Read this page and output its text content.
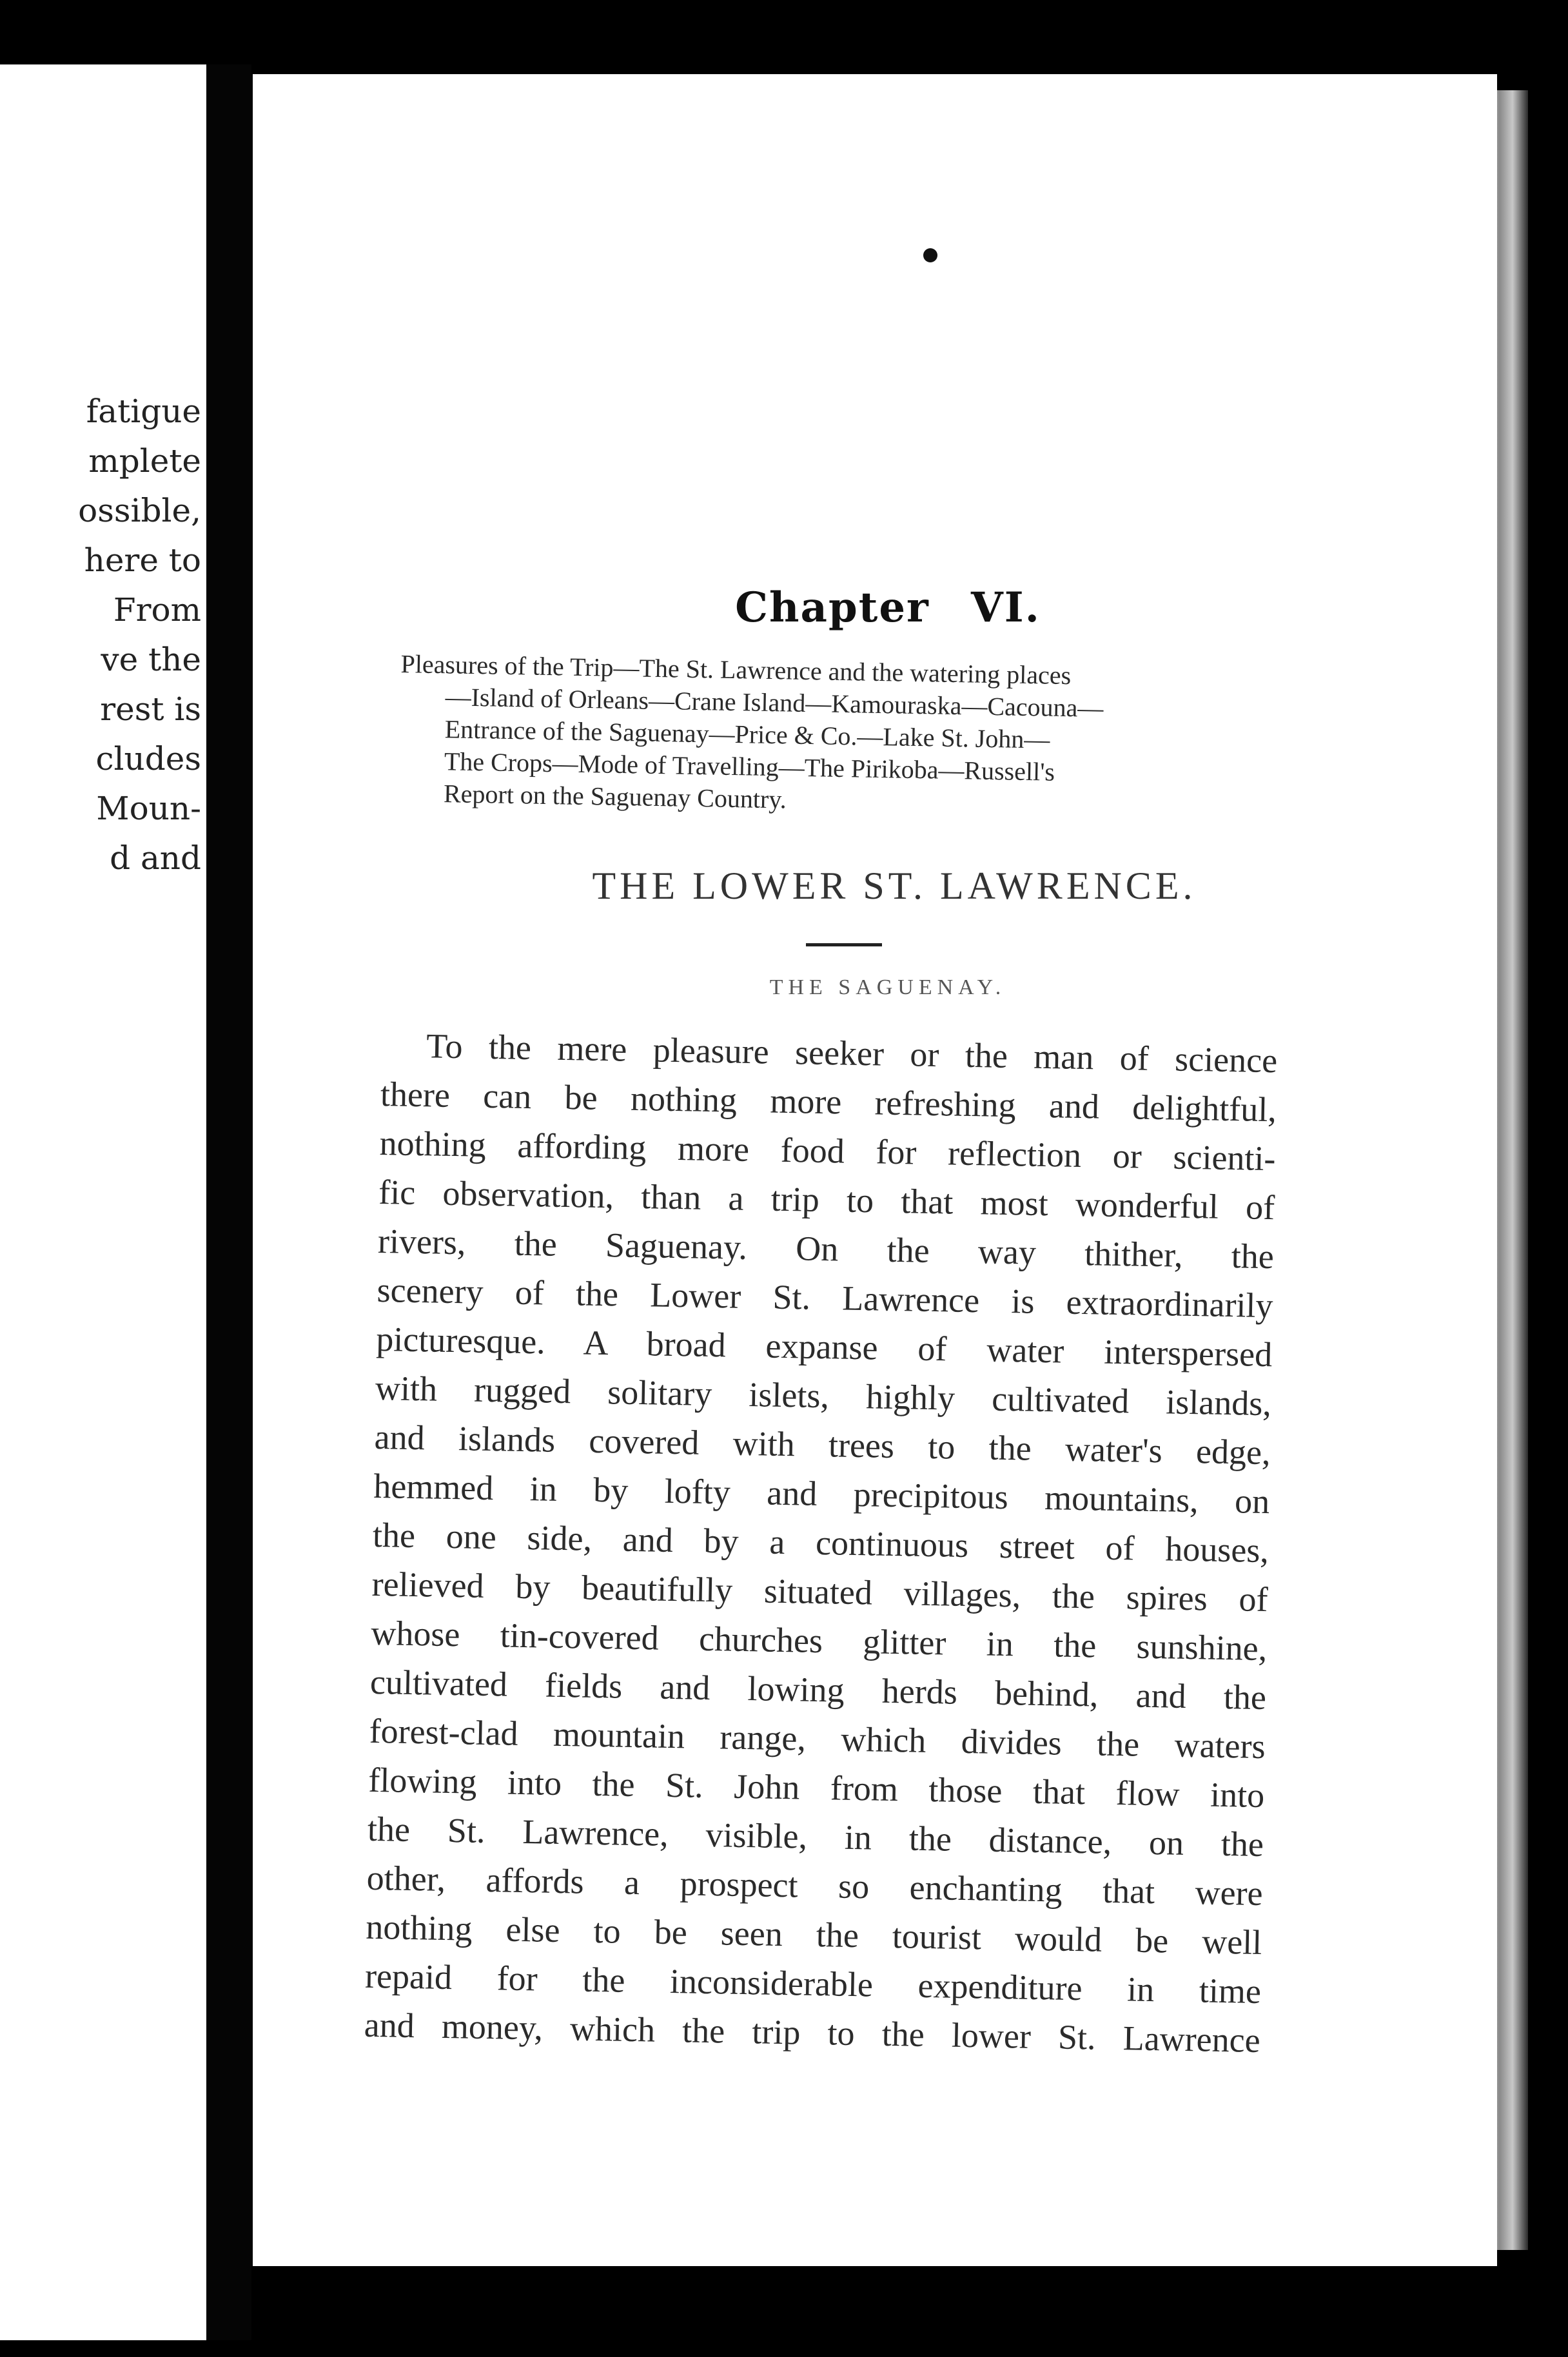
fatigue
mplete
ossible,
here to
From
ve the
rest is
cludes
Moun-
d and
Chapter VI.
Pleasures of the Trip—The St. Lawrence and the watering places
—Island of Orleans—Crane Island—Kamouraska—Cacouna—
Entrance of the Saguenay—Price & Co.—Lake St. John—
The Crops—Mode of Travelling—The Pirikoba—Russell's
Report on the Saguenay Country.
THE LOWER ST. LAWRENCE.
THE SAGUENAY.
To the mere pleasure seeker or the man of science
there can be nothing more refreshing and delightful,
nothing affording more food for reflection or scienti-
fic observation, than a trip to that most wonderful of
rivers, the Saguenay. On the way thither, the
scenery of the Lower St. Lawrence is extraordinarily
picturesque. A broad expanse of water interspersed
with rugged solitary islets, highly cultivated islands,
and islands covered with trees to the water's edge,
hemmed in by lofty and precipitous mountains, on
the one side, and by a continuous street of houses,
relieved by beautifully situated villages, the spires of
whose tin-covered churches glitter in the sunshine,
cultivated fields and lowing herds behind, and the
forest-clad mountain range, which divides the waters
flowing into the St. John from those that flow into
the St. Lawrence, visible, in the distance, on the
other, affords a prospect so enchanting that were
nothing else to be seen the tourist would be well
repaid for the inconsiderable expenditure in time
and money, which the trip to the lower St. Lawrence
